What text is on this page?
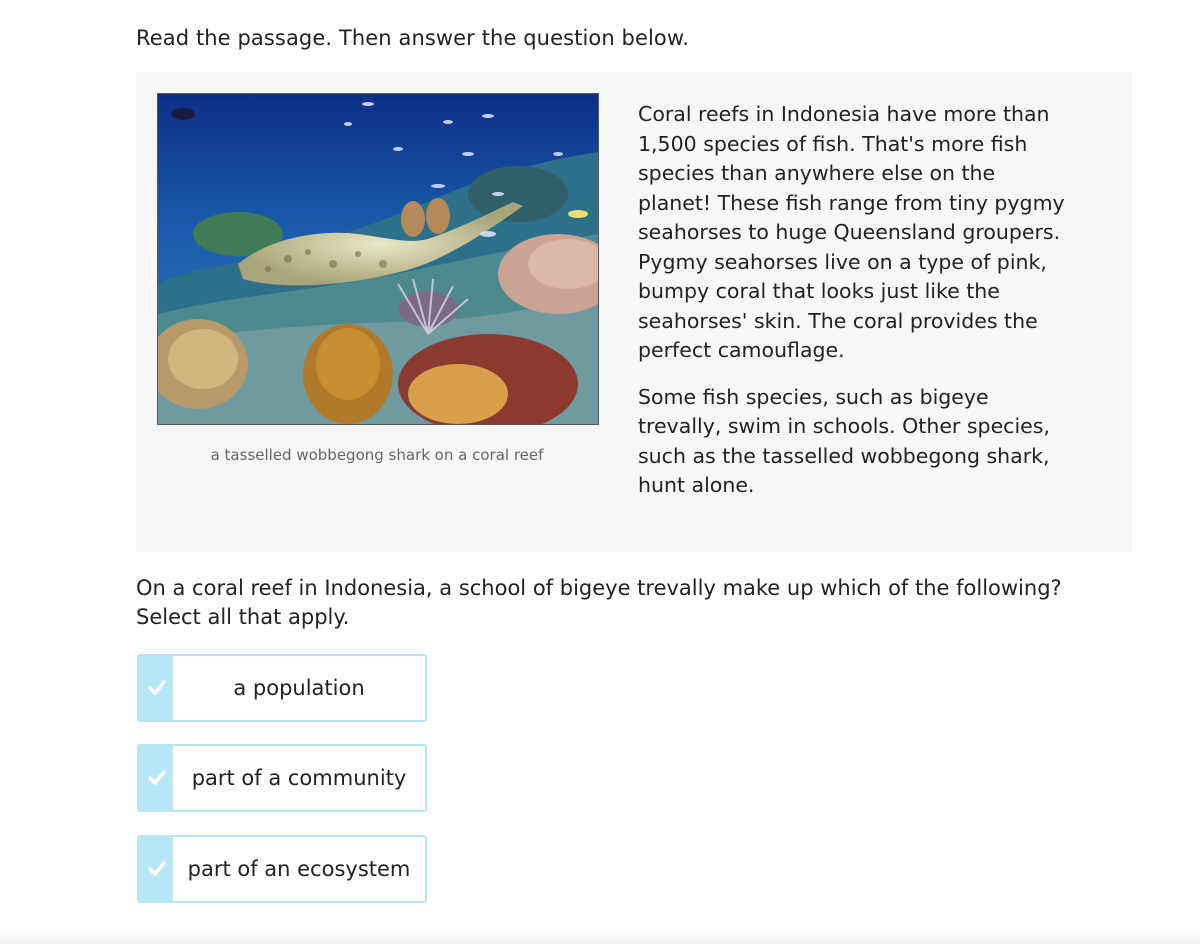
Read the passage. Then answer the question below.
a tasselled wobbegong shark on a coral reef

Coral reefs in Indonesia have more than 1,500 species of fish. That's more fish species than anywhere else on the planet! These fish range from tiny pygmy seahorses to huge Queensland groupers. Pygmy seahorses live on a type of pink, bumpy coral that looks just like the seahorses' skin. The coral provides the perfect camouflage.

Some fish species, such as bigeye trevally, swim in schools. Other species, such as the tasselled wobbegong shark, hunt alone.

On a coral reef in Indonesia, a school of bigeye trevally make up which of the following?
Select all that apply.
a population
part of a community
part of an ecosystem
